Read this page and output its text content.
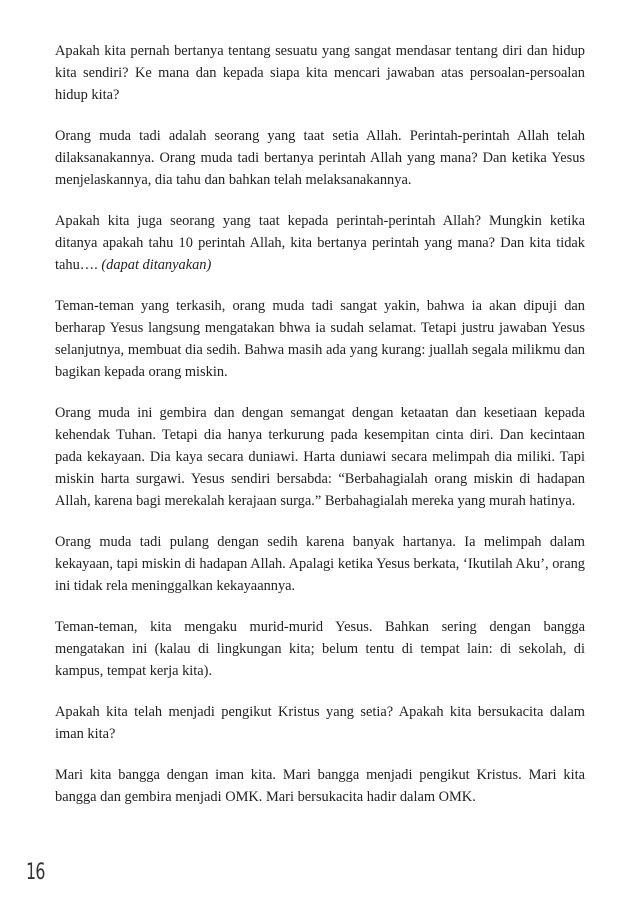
Apakah kita pernah bertanya tentang sesuatu yang sangat mendasar tentang diri dan hidup kita sendiri? Ke mana dan kepada siapa kita mencari jawaban atas persoalan-persoalan hidup kita?

Orang muda tadi adalah seorang yang taat setia Allah. Perintah-perintah Allah telah dilaksanakannya. Orang muda tadi bertanya perintah Allah yang mana? Dan ketika Yesus menjelaskannya, dia tahu dan bahkan telah melaksanakannya.

Apakah kita juga seorang yang taat kepada perintah-perintah Allah? Mungkin ketika ditanya apakah tahu 10 perintah Allah, kita bertanya perintah yang mana? Dan kita tidak tahu…. (dapat ditanyakan)

Teman-teman yang terkasih, orang muda tadi sangat yakin, bahwa ia akan dipuji dan berharap Yesus langsung mengatakan bhwa ia sudah selamat. Tetapi justru jawaban Yesus selanjutnya, membuat dia sedih. Bahwa masih ada yang kurang: juallah segala milikmu dan bagikan kepada orang miskin.

Orang muda ini gembira dan dengan semangat dengan ketaatan dan kesetiaan kepada kehendak Tuhan. Tetapi dia hanya terkurung pada kesempitan cinta diri. Dan kecintaan pada kekayaan. Dia kaya secara duniawi. Harta duniawi secara melimpah dia miliki. Tapi miskin harta surgawi. Yesus sendiri bersabda: “Berbahagialah orang miskin di hadapan Allah, karena bagi merekalah kerajaan surga.” Berbahagialah mereka yang murah hatinya.

Orang muda tadi pulang dengan sedih karena banyak hartanya. Ia melimpah dalam kekayaan, tapi miskin di hadapan Allah. Apalagi ketika Yesus berkata, ‘Ikutilah Aku’, orang ini tidak rela meninggalkan kekayaannya.

Teman-teman, kita mengaku murid-murid Yesus. Bahkan sering dengan bangga mengatakan ini (kalau di lingkungan kita; belum tentu di tempat lain: di sekolah, di kampus, tempat kerja kita).

Apakah kita telah menjadi pengikut Kristus yang setia? Apakah kita bersukacita dalam iman kita?

Mari kita bangga dengan iman kita. Mari bangga menjadi pengikut Kristus. Mari kita bangga dan gembira menjadi OMK. Mari bersukacita hadir dalam OMK.

16
